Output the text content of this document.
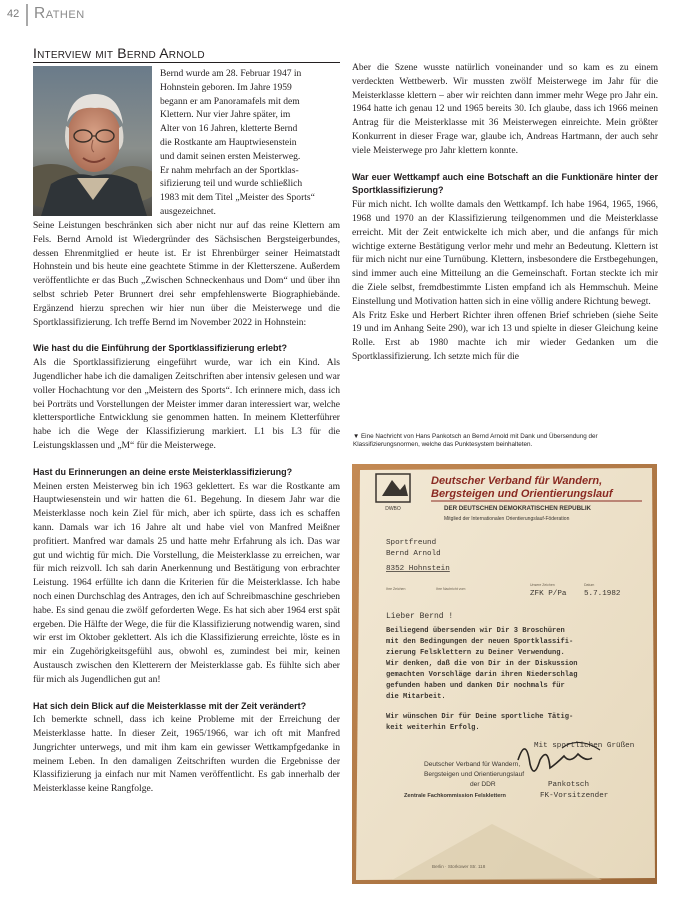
42 Rathen
Interview mit Bernd Arnold
Bernd wurde am 28. Februar 1947 in
Hohnstein geboren. Im Jahre 1959
begann er am Panoramafels mit dem
Klettern. Nur vier Jahre später, im
Alter von 16 Jahren, kletterte Bernd
die Rostkante am Hauptwiesenstein
und damit seinen ersten Meisterweg.
Er nahm mehrfach an der Sportklas-
sifizierung teil und wurde schließlich
1983 mit dem Titel „Meister des Sports“
ausgezeichnet.

Seine Leistungen beschränken sich aber nicht nur auf das reine Klettern am Fels. Bernd Arnold ist Wiedergründer des Sächsischen Bergsteigerbundes, dessen Ehrenmitglied er heute ist. Er ist Ehrenbürger seiner Heimatstadt Hohnstein und bis heute eine geachtete Stimme in der Kletterszene. Außerdem veröffentlichte er das Buch „Zwischen Schneckenhaus und Dom“ und über ihn selbst schrieb Peter Brunnert drei sehr empfehlenswerte Biographiebände. Ergänzend hierzu sprechen wir hier nun über die Meisterwege und die Sportklassifizierung. Ich treffe Bernd im November 2022 in Hohnstein:

Wie hast du die Einführung der Sportklassifizierung erlebt?

Als die Sportklassifizierung eingeführt wurde, war ich ein Kind. Als Jugendlicher habe ich die damaligen Zeitschriften aber intensiv gelesen und war voller Hochachtung vor den „Meistern des Sports“. Ich erinnere mich, dass ich bei Porträts und Vorstellungen der Meister immer daran interessiert war, welche klettersportliche Entwicklung sie genommen hatten. In meinem Kletterführer habe ich die Wege der Klassifizierung markiert. L1 bis L3 für die Leistungsklassen und „M“ für die Meisterwege.

Hast du Erinnerungen an deine erste Meisterklassifizierung?

Meinen ersten Meisterweg bin ich 1963 geklettert. Es war die Rostkante am Hauptwiesenstein und wir hatten die 61. Begehung. In diesem Jahr war die Meisterklasse noch kein Ziel für mich, aber ich spürte, dass ich es schaffen kann. Damals war ich 16 Jahre alt und habe viel von Manfred Meißner profitiert. Manfred war damals 25 und hatte mehr Erfahrung als ich. Das war gut und wichtig für mich. Die Vorstellung, die Meisterklasse zu erreichen, war für mich reizvoll. Ich sah darin Anerkennung und Bestätigung von erbrachter Leistung. 1964 erfüllte ich dann die Kriterien für die Meisterklasse. Ich habe noch einen Durchschlag des Antrages, den ich auf Schreibmaschine geschrieben habe. Es sind genau die zwölf geforderten Wege. Es hat sich aber 1964 erst spät ergeben. Die Hälfte der Wege, die für die Klassifizierung notwendig waren, sind wir erst im Oktober geklettert. Als ich die Klassifizierung erreichte, löste es in mir ein Zugehörigkeitsgefühl aus, obwohl es, zumindest bei mir, keinen Austausch zwischen den Kletterern der Meisterklasse gab. Es fühlte sich aber für mich als Jugendlichen gut an!

Hat sich dein Blick auf die Meisterklasse mit der Zeit verändert?

Ich bemerkte schnell, dass ich keine Probleme mit der Erreichung der Meisterklasse hatte. In dieser Zeit, 1965/1966, war ich oft mit Manfred Jungrichter unterwegs, und mit ihm kam ein gewisser Wettkampfgedanke in meinem Leben. In den damaligen Zeitschriften wurden die Ergebnisse der Klassifizierung ja einfach nur mit Namen veröffentlicht. Es gab innerhalb der Meisterklasse keine Rangfolge.

Aber die Szene wusste natürlich voneinander und so kam es zu einem verdeckten Wettbewerb. Wir mussten zwölf Meisterwege im Jahr für die Meisterklasse klettern – aber wir reichten dann immer mehr Wege pro Jahr ein. 1964 hatte ich genau 12 und 1965 bereits 30. Ich glaube, dass ich 1966 meinen Antrag für die Meisterklasse mit 36 Meisterwegen einreichte. Mein größter Konkurrent in dieser Frage war, glaube ich, Andreas Hartmann, der auch sehr viele Meisterwege pro Jahr klettern konnte.

War euer Wettkampf auch eine Botschaft an die Funktionäre hinter der Sportklassifizierung?

Für mich nicht. Ich wollte damals den Wettkampf. Ich habe 1964, 1965, 1966, 1968 und 1970 an der Klassifizierung teilgenommen und die Meisterklasse erreicht. Mit der Zeit entwickelte ich mich aber, und die anfangs für mich wichtige externe Bestätigung verlor mehr und mehr an Bedeutung. Klettern ist für mich nicht nur eine Turnübung. Klettern, insbesondere die Erstbegehungen, sind immer auch eine Mitteilung an die Gemeinschaft. Fortan steckte ich mir die Ziele selbst, fremdbestimmte Listen empfand ich als Hemmschuh. Meine Einstellung und Motivation hatten sich in eine völlig andere Richtung bewegt.

Als Fritz Eske und Herbert Richter ihren offenen Brief schrieben (siehe Seite 19 und im Anhang Seite 290), war ich 13 und spielte in dieser Gleichung keine Rolle. Erst ab 1980 machte ich mir wieder Gedanken um die Sportklassifizierung. Ich setzte mich für die

▼ Eine Nachricht von Hans Pankotsch an Bernd Arnold mit Dank und Übersendung der Klassifizierungsnormen, welche das Punktesystem beinhalteten.
DWBO
Deutscher Verband für Wandern,
Bergsteigen und Orientierungslauf
DER DEUTSCHEN DEMOKRATISCHEN REPUBLIK
Mitglied der Internationalen Orientierungslauf-Föderation
Sportfreund
Bernd Arnold
8352 Hohnstein
Ihre Zeichen	Ihre Nachricht vom
Unsere Zeichen	Datum
ZFK P/Pa 5.7.1982
Lieber Bernd !
Beiliegend übersenden wir Dir 3 Broschüren
mit den Bedingungen der neuen Sportklassifi-
zierung Felsklettern zu Deiner Verwendung.
Wir denken, daß die von Dir in der Diskussion
gemachten Vorschläge darin ihren Niederschlag
gefunden haben und danken Dir nochmals für
die Mitarbeit.
Wir wünschen Dir für Deine sportliche Tätig-
keit weiterhin Erfolg.
Mit sportlichen Grüßen
Deutscher Verband für Wandern,
Bergsteigen und Orientierungslauf
der DDR
Zentrale Fachkommission Felsklettern
Pankotsch
FK-Vorsitzender
Berlin · Storkower Str. 118
